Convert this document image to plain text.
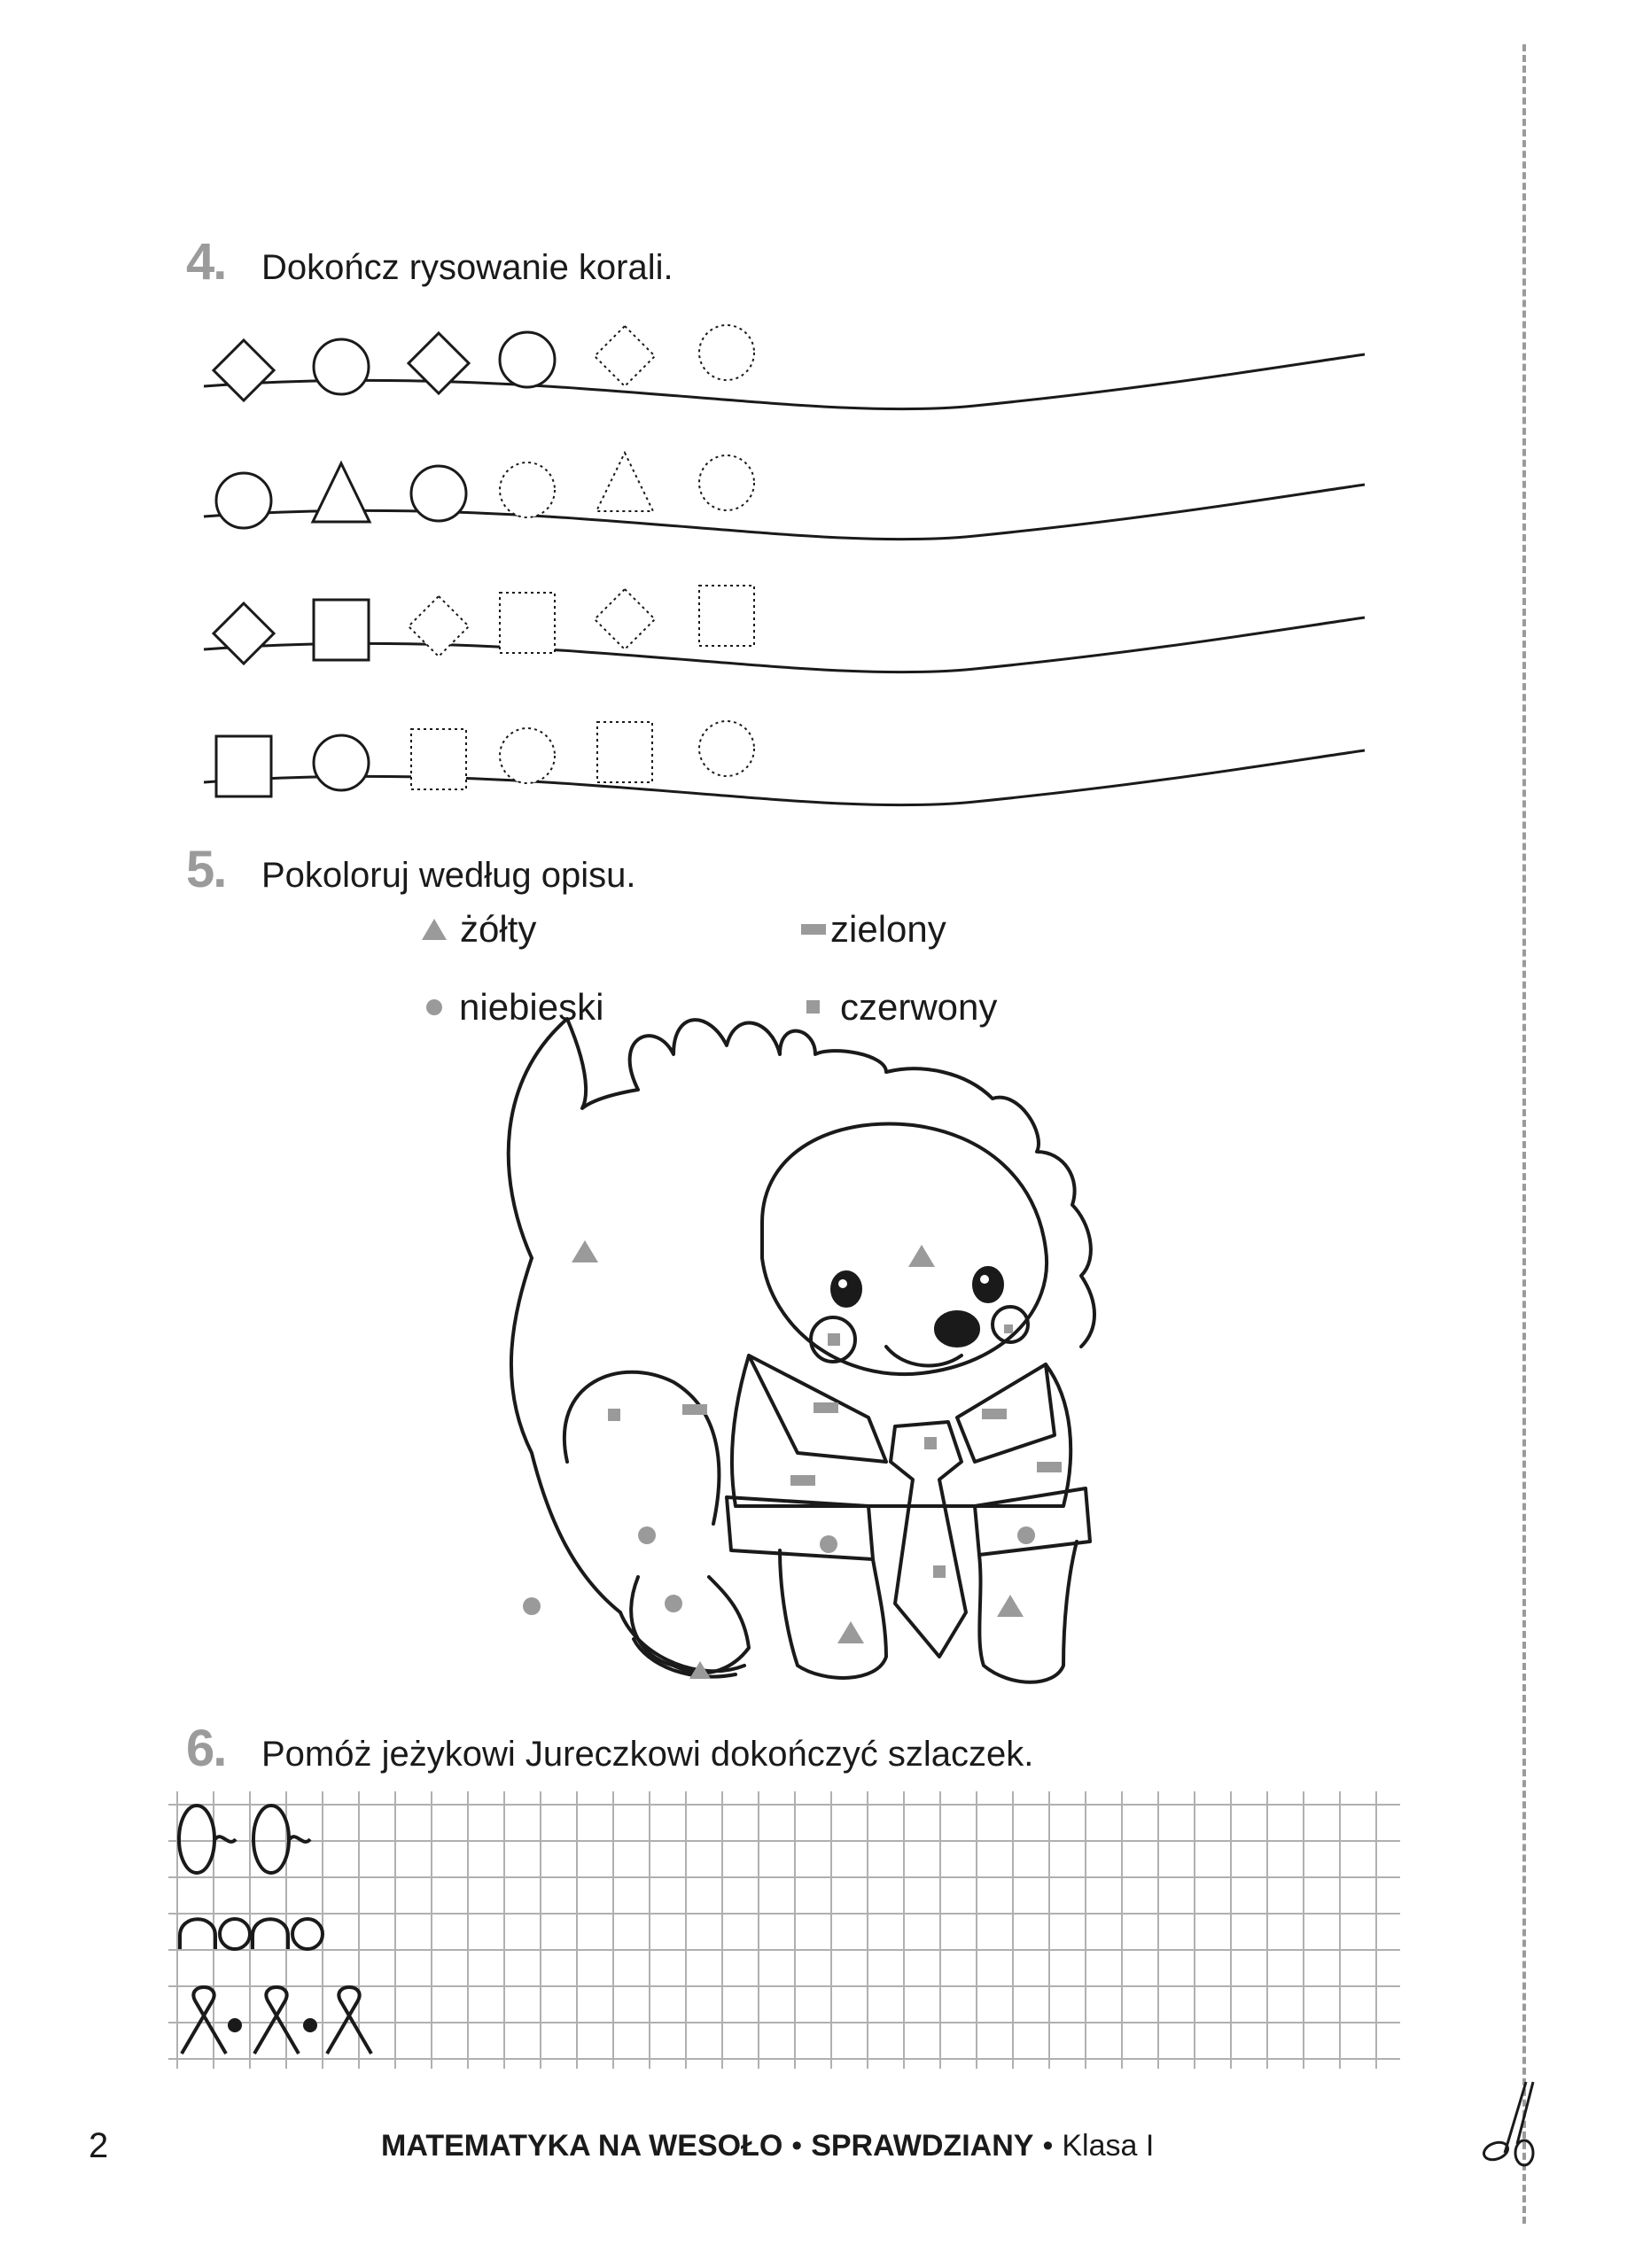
4.	Dokończ rysowanie korali.
5.	Pokoloruj według opisu.
żółty	zielony
niebieski	czerwony
6.	Pomóż jeżykowi Jureczkowi dokończyć szlaczek.
2	MATEMATYKA NA WESOŁO • SPRAWDZIANY • Klasa I
